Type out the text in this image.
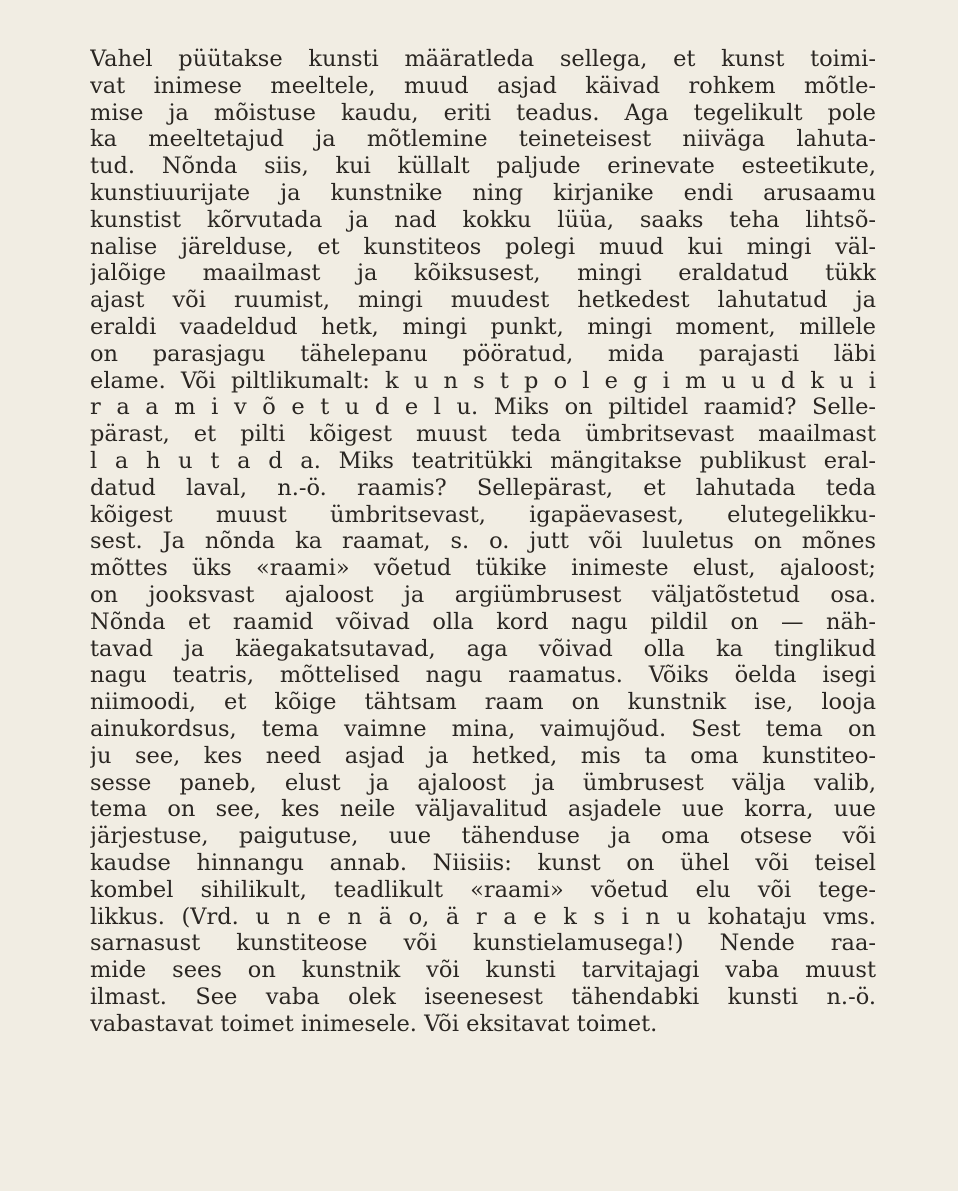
Vahel püütakse kunsti määratleda sellega, et kunst toimi-
vat inimese meeltele, muud asjad käivad rohkem mõtle-
mise ja mõistuse kaudu, eriti teadus. Aga tegelikult pole
ka meeltetajud ja mõtlemine teineteisest niiväga lahuta-
tud. Nõnda siis, kui küllalt paljude erinevate esteetikute,
kunstiuurijate ja kunstnike ning kirjanike endi arusaamu
kunstist kõrvutada ja nad kokku lüüa, saaks teha lihtsõ-
nalise järelduse, et kunstiteos polegi muud kui mingi väl-
jalõige maailmast ja kõiksusest, mingi eraldatud tükk
ajast või ruumist, mingi muudest hetkedest lahutatud ja
eraldi vaadeldud hetk, mingi punkt, mingi moment, millele
on parasjagu tähelepanu pööratud, mida parajasti läbi
elame. Või piltlikumalt: k u n s t p o l e g i m u u d k u i
r a a m i v õ e t u d e l u. Miks on piltidel raamid? Selle-
pärast, et pilti kõigest muust teda ümbritsevast maailmast
l a h u t a d a. Miks teatritükki mängitakse publikust eral-
datud laval, n.-ö. raamis? Sellepärast, et lahutada teda
kõigest muust ümbritsevast, igapäevasest, elutegelikku-
sest. Ja nõnda ka raamat, s. o. jutt või luuletus on mõnes
mõttes üks «raami» võetud tükike inimeste elust, ajaloost;
on jooksvast ajaloost ja argiümbrusest väljatõstetud osa.
Nõnda et raamid võivad olla kord nagu pildil on — näh-
tavad ja käegakatsutavad, aga võivad olla ka tinglikud
nagu teatris, mõttelised nagu raamatus. Võiks öelda isegi
niimoodi, et kõige tähtsam raam on kunstnik ise, looja
ainukordsus, tema vaimne mina, vaimujõud. Sest tema on
ju see, kes need asjad ja hetked, mis ta oma kunstiteo-
sesse paneb, elust ja ajaloost ja ümbrusest välja valib,
tema on see, kes neile väljavalitud asjadele uue korra, uue
järjestuse, paigutuse, uue tähenduse ja oma otsese või
kaudse hinnangu annab. Niisiis: kunst on ühel või teisel
kombel sihilikult, teadlikult «raami» võetud elu või tege-
likkus. (Vrd. u n e n ä o, ä r a e k s i n u kohataju vms.
sarnasust kunstiteose või kunstielamusega!) Nende raa-
mide sees on kunstnik või kunsti tarvitajagi vaba muust
ilmast. See vaba olek iseenesest tähendabki kunsti n.-ö.
vabastavat toimet inimesele. Või eksitavat toimet.
